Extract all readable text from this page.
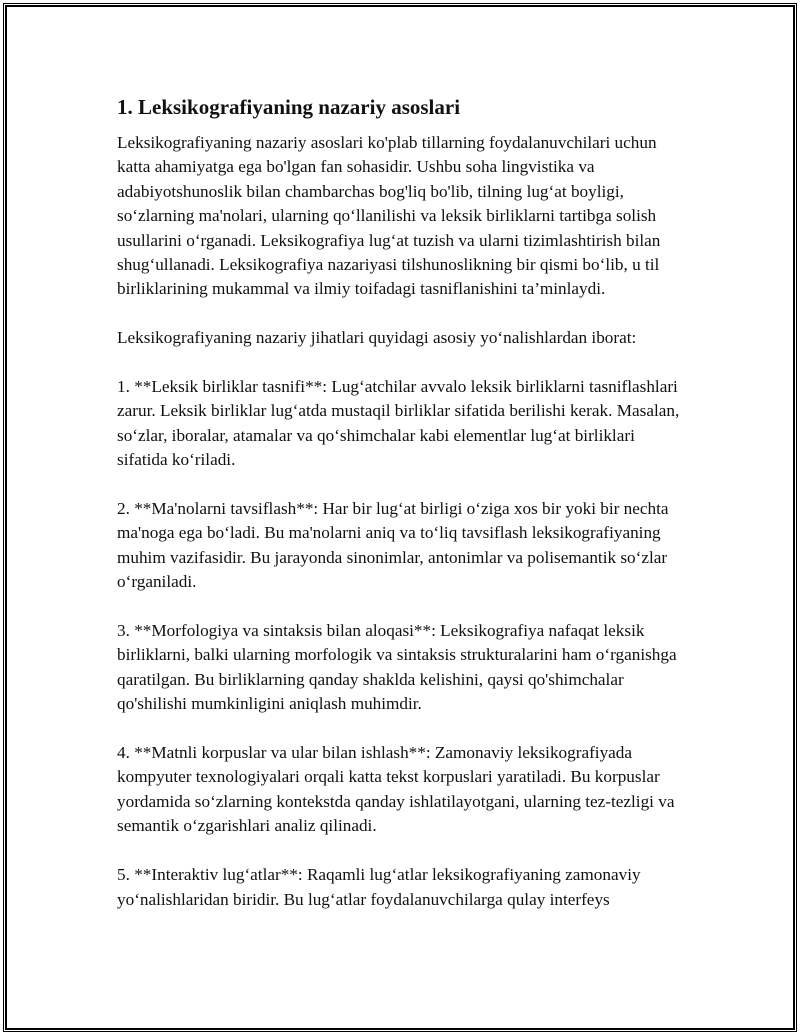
1. Leksikografiyaning nazariy asoslari

Leksikografiyaning nazariy asoslari ko'plab tillarning foydalanuvchilari uchun katta ahamiyatga ega bo'lgan fan sohasidir. Ushbu soha lingvistika va adabiyotshunoslik bilan chambarchas bog'liq bo'lib, tilning lug‘at boyligi, so‘zlarning ma'nolari, ularning qo‘llanilishi va leksik birliklarni tartibga solish usullarini o‘rganadi. Leksikografiya lug‘at tuzish va ularni tizimlashtirish bilan shug‘ullanadi. Leksikografiya nazariyasi tilshunoslikning bir qismi bo‘lib, u til birliklarining mukammal va ilmiy toifadagi tasniflanishini ta’minlaydi.

Leksikografiyaning nazariy jihatlari quyidagi asosiy yo‘nalishlardan iborat:

1. **Leksik birliklar tasnifi**: Lug‘atchilar avvalo leksik birliklarni tasniflashlari zarur. Leksik birliklar lug‘atda mustaqil birliklar sifatida berilishi kerak. Masalan, so‘zlar, iboralar, atamalar va qo‘shimchalar kabi elementlar lug‘at birliklari sifatida ko‘riladi.

2. **Ma'nolarni tavsiflash**: Har bir lug‘at birligi o‘ziga xos bir yoki bir nechta ma'noga ega bo‘ladi. Bu ma'nolarni aniq va to‘liq tavsiflash leksikografiyaning muhim vazifasidir. Bu jarayonda sinonimlar, antonimlar va polisemantik so‘zlar o‘rganiladi.

3. **Morfologiya va sintaksis bilan aloqasi**: Leksikografiya nafaqat leksik birliklarni, balki ularning morfologik va sintaksis strukturalarini ham o‘rganishga qaratilgan. Bu birliklarning qanday shaklda kelishini, qaysi qo'shimchalar qo'shilishi mumkinligini aniqlash muhimdir.

4. **Matnli korpuslar va ular bilan ishlash**: Zamonaviy leksikografiyada kompyuter texnologiyalari orqali katta tekst korpuslari yaratiladi. Bu korpuslar yordamida so‘zlarning kontekstda qanday ishlatilayotgani, ularning tez-tezligi va semantik o‘zgarishlari analiz qilinadi.

5. **Interaktiv lug‘atlar**: Raqamli lug‘atlar leksikografiyaning zamonaviy yo‘nalishlaridan biridir. Bu lug‘atlar foydalanuvchilarga qulay interfeys
